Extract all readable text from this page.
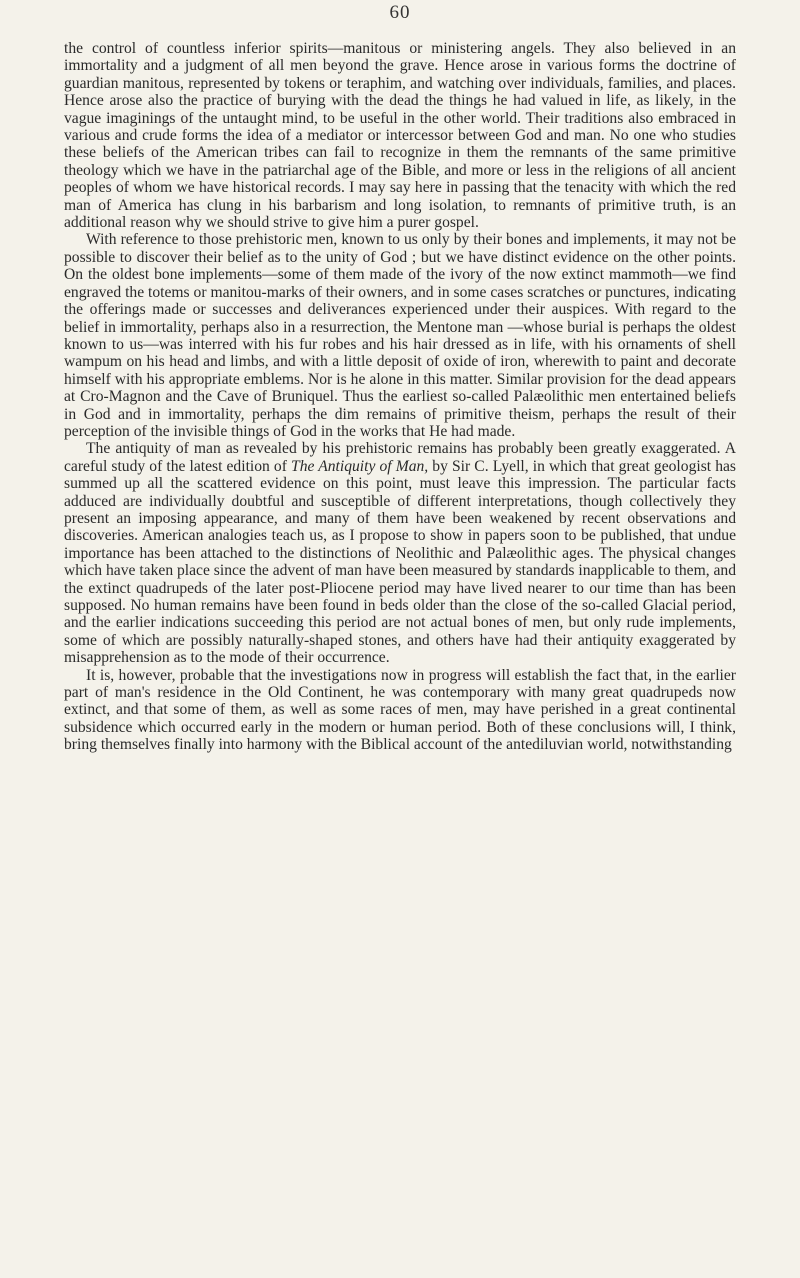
60

the control of countless inferior spirits—manitous or ministering angels. They also believed in an immortality and a judgment of all men beyond the grave. Hence arose in various forms the doctrine of guardian manitous, represented by tokens or teraphim, and watching over individuals, families, and places. Hence arose also the practice of burying with the dead the things he had valued in life, as likely, in the vague imaginings of the untaught mind, to be useful in the other world. Their traditions also embraced in various and crude forms the idea of a mediator or intercessor between God and man. No one who studies these beliefs of the American tribes can fail to recognize in them the remnants of the same primitive theology which we have in the patriarchal age of the Bible, and more or less in the religions of all ancient peoples of whom we have historical records. I may say here in passing that the tenacity with which the red man of America has clung in his barbarism and long isolation, to remnants of primitive truth, is an additional reason why we should strive to give him a purer gospel.

With reference to those prehistoric men, known to us only by their bones and implements, it may not be possible to discover their belief as to the unity of God ; but we have distinct evidence on the other points. On the oldest bone implements—some of them made of the ivory of the now extinct mammoth—we find engraved the totems or manitou-marks of their owners, and in some cases scratches or punctures, indicating the offerings made or successes and deliverances experienced under their auspices. With regard to the belief in immortality, perhaps also in a resurrection, the Mentone man —whose burial is perhaps the oldest known to us—was interred with his fur robes and his hair dressed as in life, with his ornaments of shell wampum on his head and limbs, and with a little deposit of oxide of iron, wherewith to paint and decorate himself with his appropriate emblems. Nor is he alone in this matter. Similar provision for the dead appears at Cro-Magnon and the Cave of Bruniquel. Thus the earliest so-called Palæolithic men entertained beliefs in God and in immortality, perhaps the dim remains of primitive theism, perhaps the result of their perception of the invisible things of God in the works that He had made.

The antiquity of man as revealed by his prehistoric remains has probably been greatly exaggerated. A careful study of the latest edition of The Antiquity of Man, by Sir C. Lyell, in which that great geologist has summed up all the scattered evidence on this point, must leave this impression. The particular facts adduced are individually doubtful and susceptible of different interpretations, though collectively they present an imposing appearance, and many of them have been weakened by recent observations and discoveries. American analogies teach us, as I propose to show in papers soon to be published, that undue importance has been attached to the distinctions of Neolithic and Palæolithic ages. The physical changes which have taken place since the advent of man have been measured by standards inapplicable to them, and the extinct quadrupeds of the later post-Pliocene period may have lived nearer to our time than has been supposed. No human remains have been found in beds older than the close of the so-called Glacial period, and the earlier indications succeeding this period are not actual bones of men, but only rude implements, some of which are possibly naturally-shaped stones, and others have had their antiquity exaggerated by misapprehension as to the mode of their occurrence.

It is, however, probable that the investigations now in progress will establish the fact that, in the earlier part of man's residence in the Old Continent, he was contemporary with many great quadrupeds now extinct, and that some of them, as well as some races of men, may have perished in a great continental subsidence which occurred early in the modern or human period. Both of these conclusions will, I think, bring themselves finally into harmony with the Biblical account of the antediluvian world, notwithstanding
